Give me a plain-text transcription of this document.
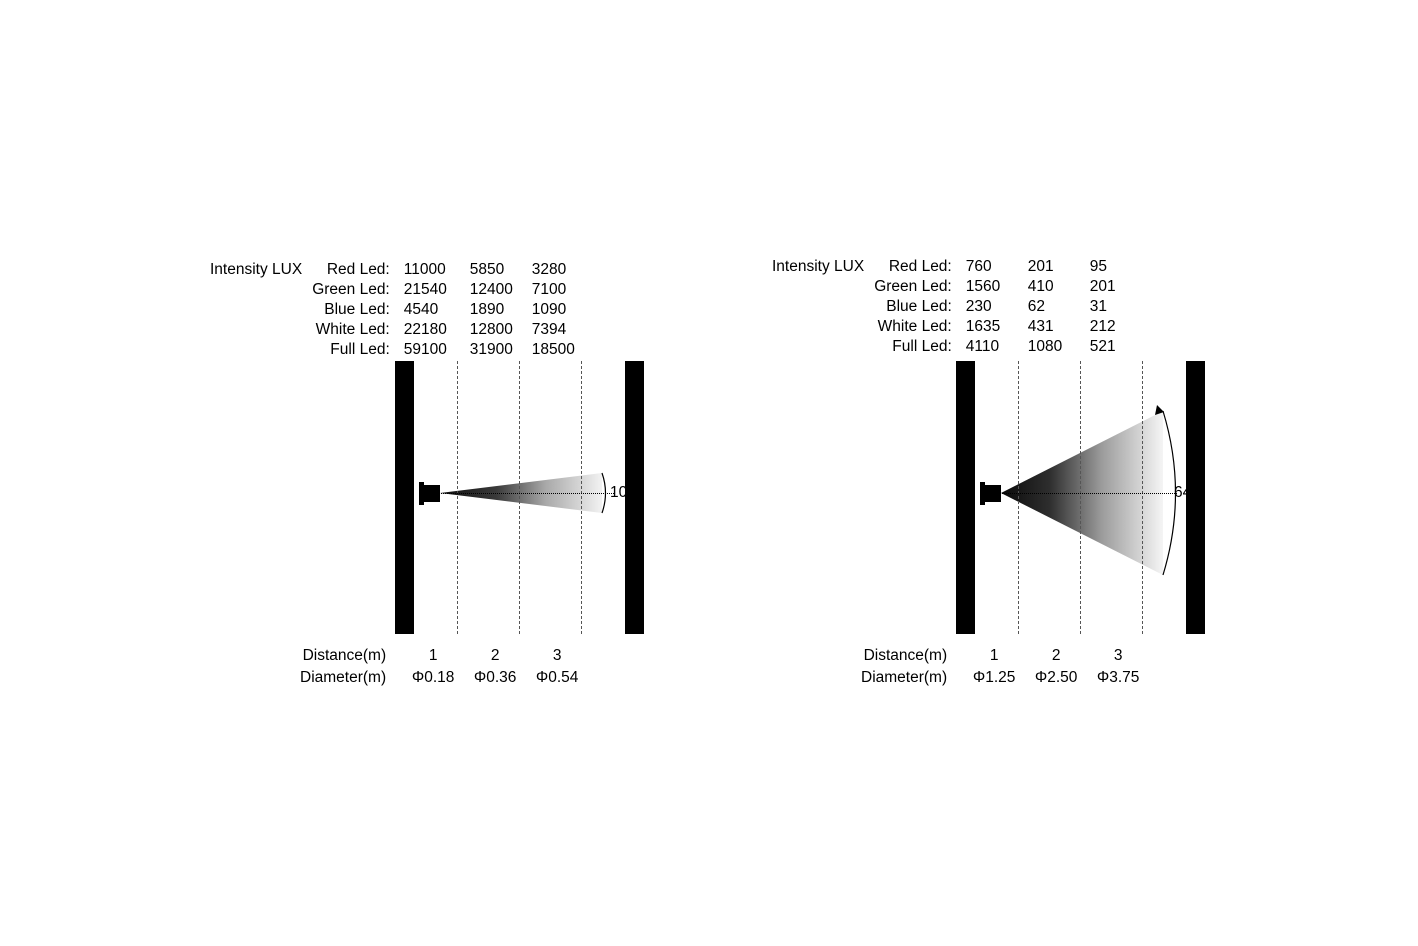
Intensity LUX	Red Led:	11000	5850	3280
	Green Led:	21540	12400	7100
	Blue Led:	4540	1890	1090
	White Led:	22180	12800	7394
	Full Led:	59100	31900	18500
10°
Distance(m)	1	2	3
Diameter(m)	Φ0.18	Φ0.36	Φ0.54
Intensity LUX	Red Led:	760	201	95
	Green Led:	1560	410	201
	Blue Led:	230	62	31
	White Led:	1635	431	212
	Full Led:	4110	1080	521
64°
Distance(m)	1	2	3
Diameter(m)	Φ1.25	Φ2.50	Φ3.75
